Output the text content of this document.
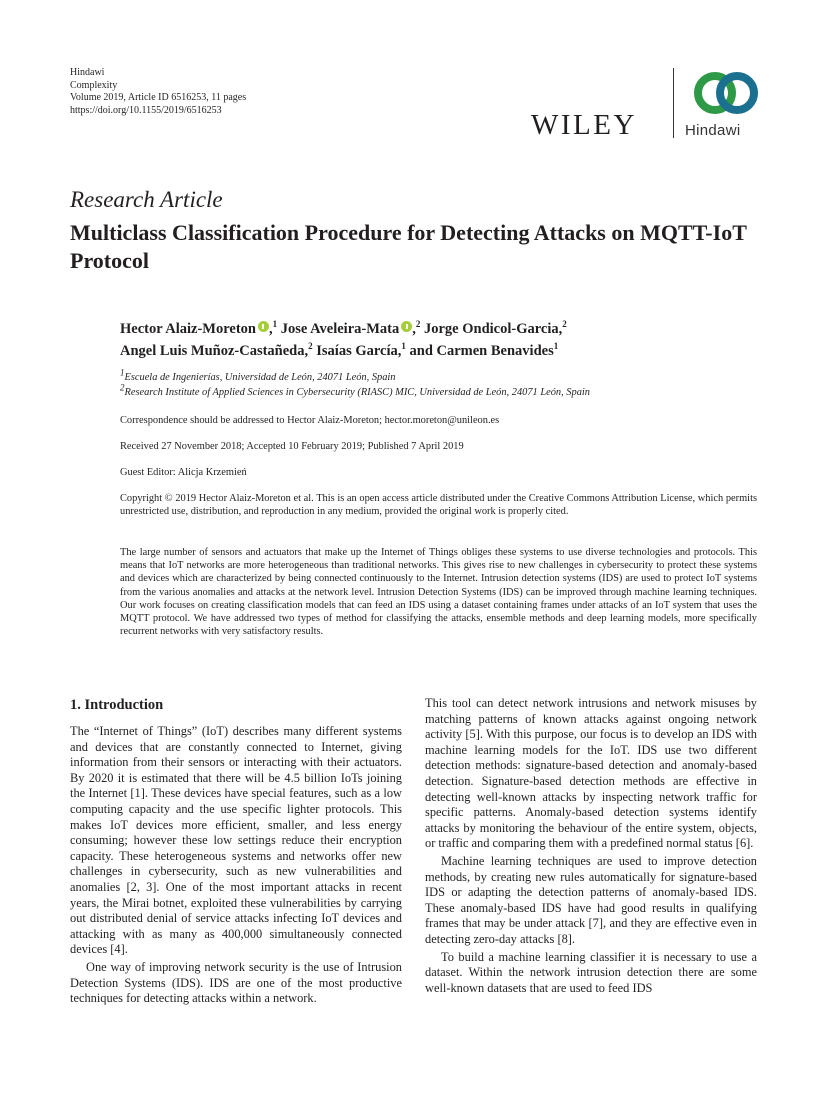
Hindawi
Complexity
Volume 2019, Article ID 6516253, 11 pages
https://doi.org/10.1155/2019/6516253	WILEY	Hindawi
Research Article
Multiclass Classification Procedure for Detecting Attacks on MQTT-IoT Protocol
Hector Alaiz-Moreton ,$^1$ Jose Aveleira-Mata ,$^2$ Jorge Ondicol-Garcia,$^2$
Angel Luis Muñoz-Castañeda,$^2$ Isaías García,$^1$ and Carmen Benavides$^1$
$^1$Escuela de Ingenierías, Universidad de León, 24071 León, Spain
$^2$Research Institute of Applied Sciences in Cybersecurity (RIASC) MIC, Universidad de León, 24071 León, Spain
Correspondence should be addressed to Hector Alaiz-Moreton; hector.moreton@unileon.es
Received 27 November 2018; Accepted 10 February 2019; Published 7 April 2019
Guest Editor: Alicja Krzemień
Copyright © 2019 Hector Alaiz-Moreton et al. This is an open access article distributed under the Creative Commons Attribution License, which permits unrestricted use, distribution, and reproduction in any medium, provided the original work is properly cited.
The large number of sensors and actuators that make up the Internet of Things obliges these systems to use diverse technologies and protocols. This means that IoT networks are more heterogeneous than traditional networks. This gives rise to new challenges in cybersecurity to protect these systems and devices which are characterized by being connected continuously to the Internet. Intrusion detection systems (IDS) are used to protect IoT systems from the various anomalies and attacks at the network level. Intrusion Detection Systems (IDS) can be improved through machine learning techniques. Our work focuses on creating classification models that can feed an IDS using a dataset containing frames under attacks of an IoT system that uses the MQTT protocol. We have addressed two types of method for classifying the attacks, ensemble methods and deep learning models, more specifically recurrent networks with very satisfactory results.
1. Introduction

The “Internet of Things” (IoT) describes many different systems and devices that are constantly connected to Internet, giving information from their sensors or interacting with their actuators. By 2020 it is estimated that there will be 4.5 billion IoTs joining the Internet [1]. These devices have special features, such as a low computing capacity and the use specific lighter protocols. This makes IoT devices more efficient, smaller, and less energy consuming; however these low settings reduce their encryption capacity. These heterogeneous systems and networks offer new challenges in cybersecurity, such as new vulnerabilities and anomalies [2, 3]. One of the most important attacks in recent years, the Mirai botnet, exploited these vulnerabilities by carrying out distributed denial of service attacks infecting IoT devices and attacking with as many as 400,000 simultaneously connected devices [4].

One way of improving network security is the use of Intrusion Detection Systems (IDS). IDS are one of the most productive techniques for detecting attacks within a network.

This tool can detect network intrusions and network misuses by matching patterns of known attacks against ongoing network activity [5]. With this purpose, our focus is to develop an IDS with machine learning models for the IoT. IDS use two different detection methods: signature-based detection and anomaly-based detection. Signature-based detection methods are effective in detecting well-known attacks by inspecting network traffic for specific patterns. Anomaly-based detection systems identify attacks by monitoring the behaviour of the entire system, objects, or traffic and comparing them with a predefined normal status [6].

Machine learning techniques are used to improve detection methods, by creating new rules automatically for signature-based IDS or adapting the detection patterns of anomaly-based IDS. These anomaly-based IDS have had good results in qualifying frames that may be under attack [7], and they are effective even in detecting zero-day attacks [8].

To build a machine learning classifier it is necessary to use a dataset. Within the network intrusion detection there are some well-known datasets that are used to feed IDS
